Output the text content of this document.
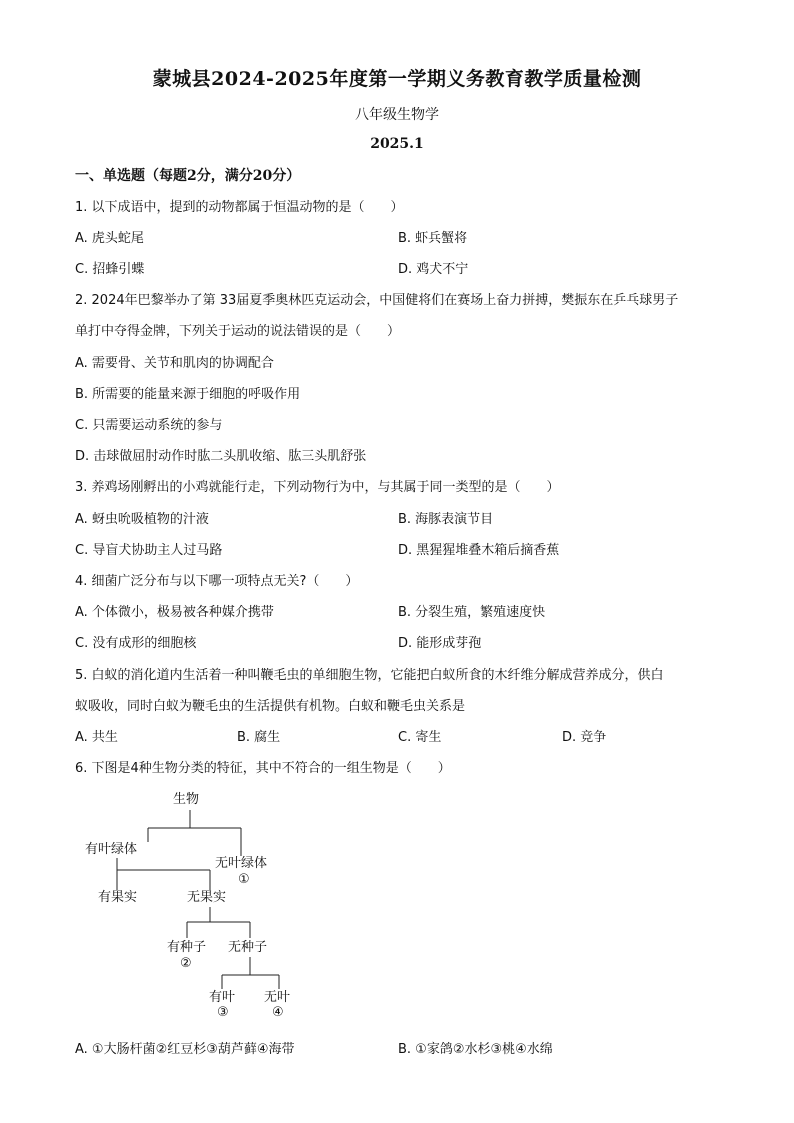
蒙城县2024-2025年度第一学期义务教育教学质量检测
八年级生物学
2025.1
一、单选题（每题2分，满分20分）
1. 以下成语中，提到的动物都属于恒温动物的是（　　）
A. 虎头蛇尾	B. 虾兵蟹将
C. 招蜂引蝶	D. 鸡犬不宁
2. 2024年巴黎举办了第 33届夏季奥林匹克运动会，中国健将们在赛场上奋力拼搏，樊振东在乒乓球男子
单打中夺得金牌，下列关于运动的说法错误的是（　　）
A. 需要骨、关节和肌肉的协调配合
B. 所需要的能量来源于细胞的呼吸作用
C. 只需要运动系统的参与
D. 击球做屈肘动作时肱二头肌收缩、肱三头肌舒张
3. 养鸡场刚孵出的小鸡就能行走，下列动物行为中，与其属于同一类型的是（　　）
A. 蚜虫吮吸植物的汁液	B. 海豚表演节目
C. 导盲犬协助主人过马路	D. 黑猩猩堆叠木箱后摘香蕉
4. 细菌广泛分布与以下哪一项特点无关?（　　）
A. 个体微小，极易被各种媒介携带	B. 分裂生殖，繁殖速度快
C. 没有成形的细胞核	D. 能形成芽孢
5. 白蚁的消化道内生活着一种叫鞭毛虫的单细胞生物，它能把白蚁所食的木纤维分解成营养成分，供白
蚁吸收，同时白蚁为鞭毛虫的生活提供有机物。白蚁和鞭毛虫关系是
A. 共生	B. 腐生	C. 寄生	D. 竞争
6. 下图是4种生物分类的特征，其中不符合的一组生物是（　　）
生物
有叶绿体
无叶绿体
①
有果实	无果实
有种子
②
无种子
有叶
③
无叶
④
A. ①大肠杆菌②红豆杉③葫芦藓④海带	B. ①家鸽②水杉③桃④水绵
